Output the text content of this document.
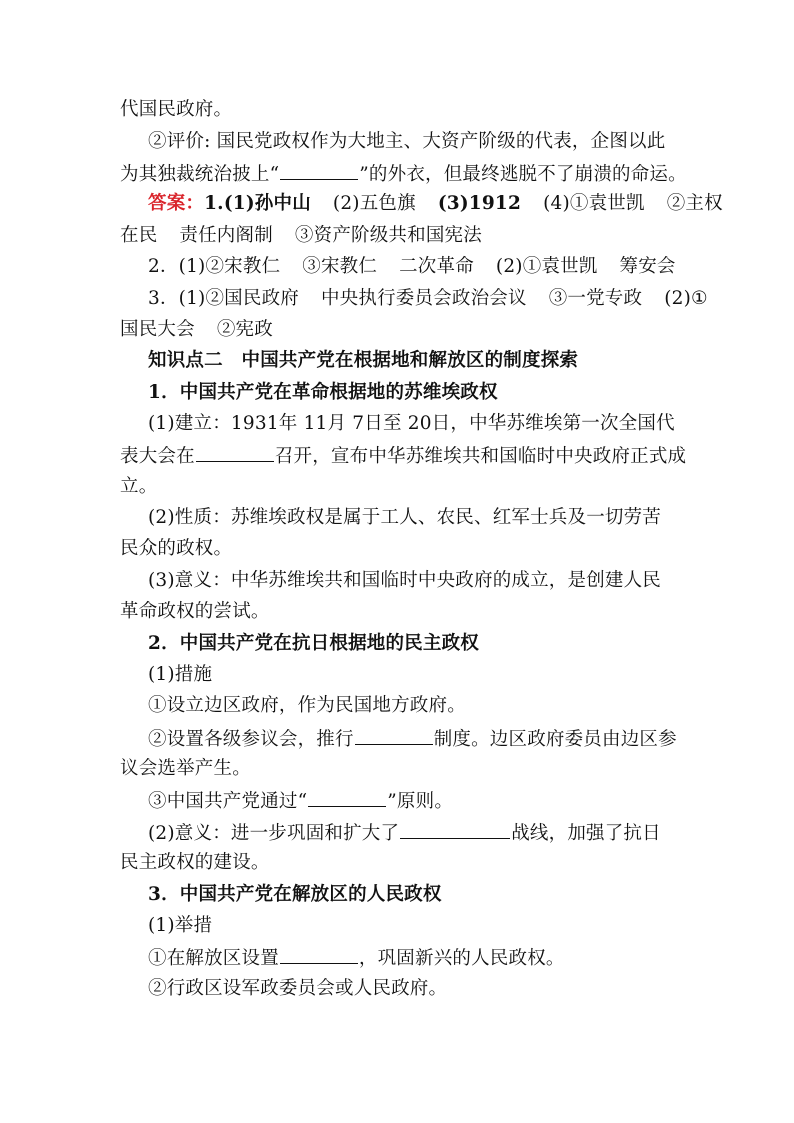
代国民政府。
②评价: 国民党政权作为大地主、大资产阶级的代表，企图以此
为其独裁统治披上“	”的外衣，但最终逃脱不了崩溃的命运。
答案：1.(1)孙中山 (2)五色旗 (3)1912 (4)①袁世凯 ②主权
在民 责任内阁制 ③资产阶级共和国宪法
2．(1)②宋教仁 ③宋教仁 二次革命 (2)①袁世凯 筹安会
3．(1)②国民政府 中央执行委员会政治会议 ③一党专政 (2)①
国民大会 ②宪政
知识点二　中国共产党在根据地和解放区的制度探索
1．中国共产党在革命根据地的苏维埃政权
(1)建立：1931年 11月 7日至 20日，中华苏维埃第一次全国代
表大会在	召开，宣布中华苏维埃共和国临时中央政府正式成
立。
(2)性质：苏维埃政权是属于工人、农民、红军士兵及一切劳苦
民众的政权。
(3)意义：中华苏维埃共和国临时中央政府的成立，是创建人民
革命政权的尝试。
2．中国共产党在抗日根据地的民主政权
(1)措施
①设立边区政府，作为民国地方政府。
②设置各级参议会，推行	制度。边区政府委员由边区参
议会选举产生。
③中国共产党通过“	”原则。
(2)意义：进一步巩固和扩大了	战线，加强了抗日
民主政权的建设。
3．中国共产党在解放区的人民政权
(1)举措
①在解放区设置	，巩固新兴的人民政权。
②行政区设军政委员会或人民政府。
